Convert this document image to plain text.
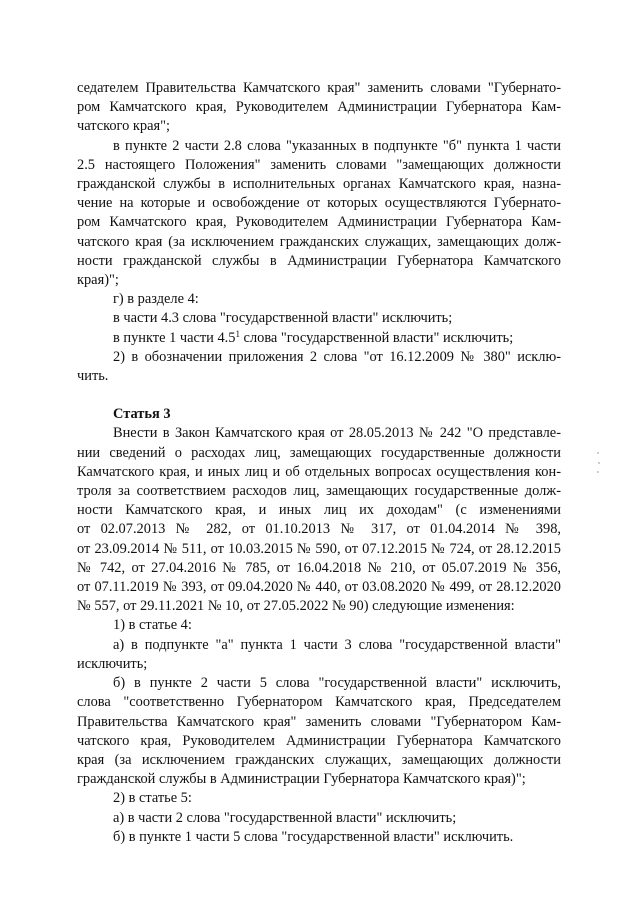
седателем Правительства Камчатского края" заменить словами "Губернато-
ром Камчатского края, Руководителем Администрации Губернатора Кам-
чатского края";
в пункте 2 части 2.8 слова "указанных в подпункте "б" пункта 1 части
2.5 настоящего Положения" заменить словами "замещающих должности
гражданской службы в исполнительных органах Камчатского края, назна-
чение на которые и освобождение от которых осуществляются Губернато-
ром Камчатского края, Руководителем Администрации Губернатора Кам-
чатского края (за исключением гражданских служащих, замещающих долж-
ности гражданской службы в Администрации Губернатора Камчатского
края)";
г) в разделе 4:
в части 4.3 слова "государственной власти" исключить;
в пункте 1 части $4.5^1$ слова "государственной власти" исключить;
2) в обозначении приложения 2 слова "от 16.12.2009 № 380" исклю-
чить.
Статья 3
Внести в Закон Камчатского края от 28.05.2013 № 242 "О представле-
нии сведений о расходах лиц, замещающих государственные должности
Камчатского края, и иных лиц и об отдельных вопросах осуществления кон-
троля за соответствием расходов лиц, замещающих государственные долж-
ности Камчатского края, и иных лиц их доходам" (с изменениями
от 02.07.2013 № 282, от 01.10.2013 № 317, от 01.04.2014 № 398,
от 23.09.2014 № 511, от 10.03.2015 № 590, от 07.12.2015 № 724, от 28.12.2015
№ 742, от 27.04.2016 № 785, от 16.04.2018 № 210, от 05.07.2019 № 356,
от 07.11.2019 № 393, от 09.04.2020 № 440, от 03.08.2020 № 499, от 28.12.2020
№ 557, от 29.11.2021 № 10, от 27.05.2022 № 90) следующие изменения:
1) в статье 4:
а) в подпункте "а" пункта 1 части 3 слова "государственной власти"
исключить;
б) в пункте 2 части 5 слова "государственной власти" исключить,
слова "соответственно Губернатором Камчатского края, Председателем
Правительства Камчатского края" заменить словами "Губернатором Кам-
чатского края, Руководителем Администрации Губернатора Камчатского
края (за исключением гражданских служащих, замещающих должности
гражданской службы в Администрации Губернатора Камчатского края)";
2) в статье 5:
а) в части 2 слова "государственной власти" исключить;
б) в пункте 1 части 5 слова "государственной власти" исключить.
